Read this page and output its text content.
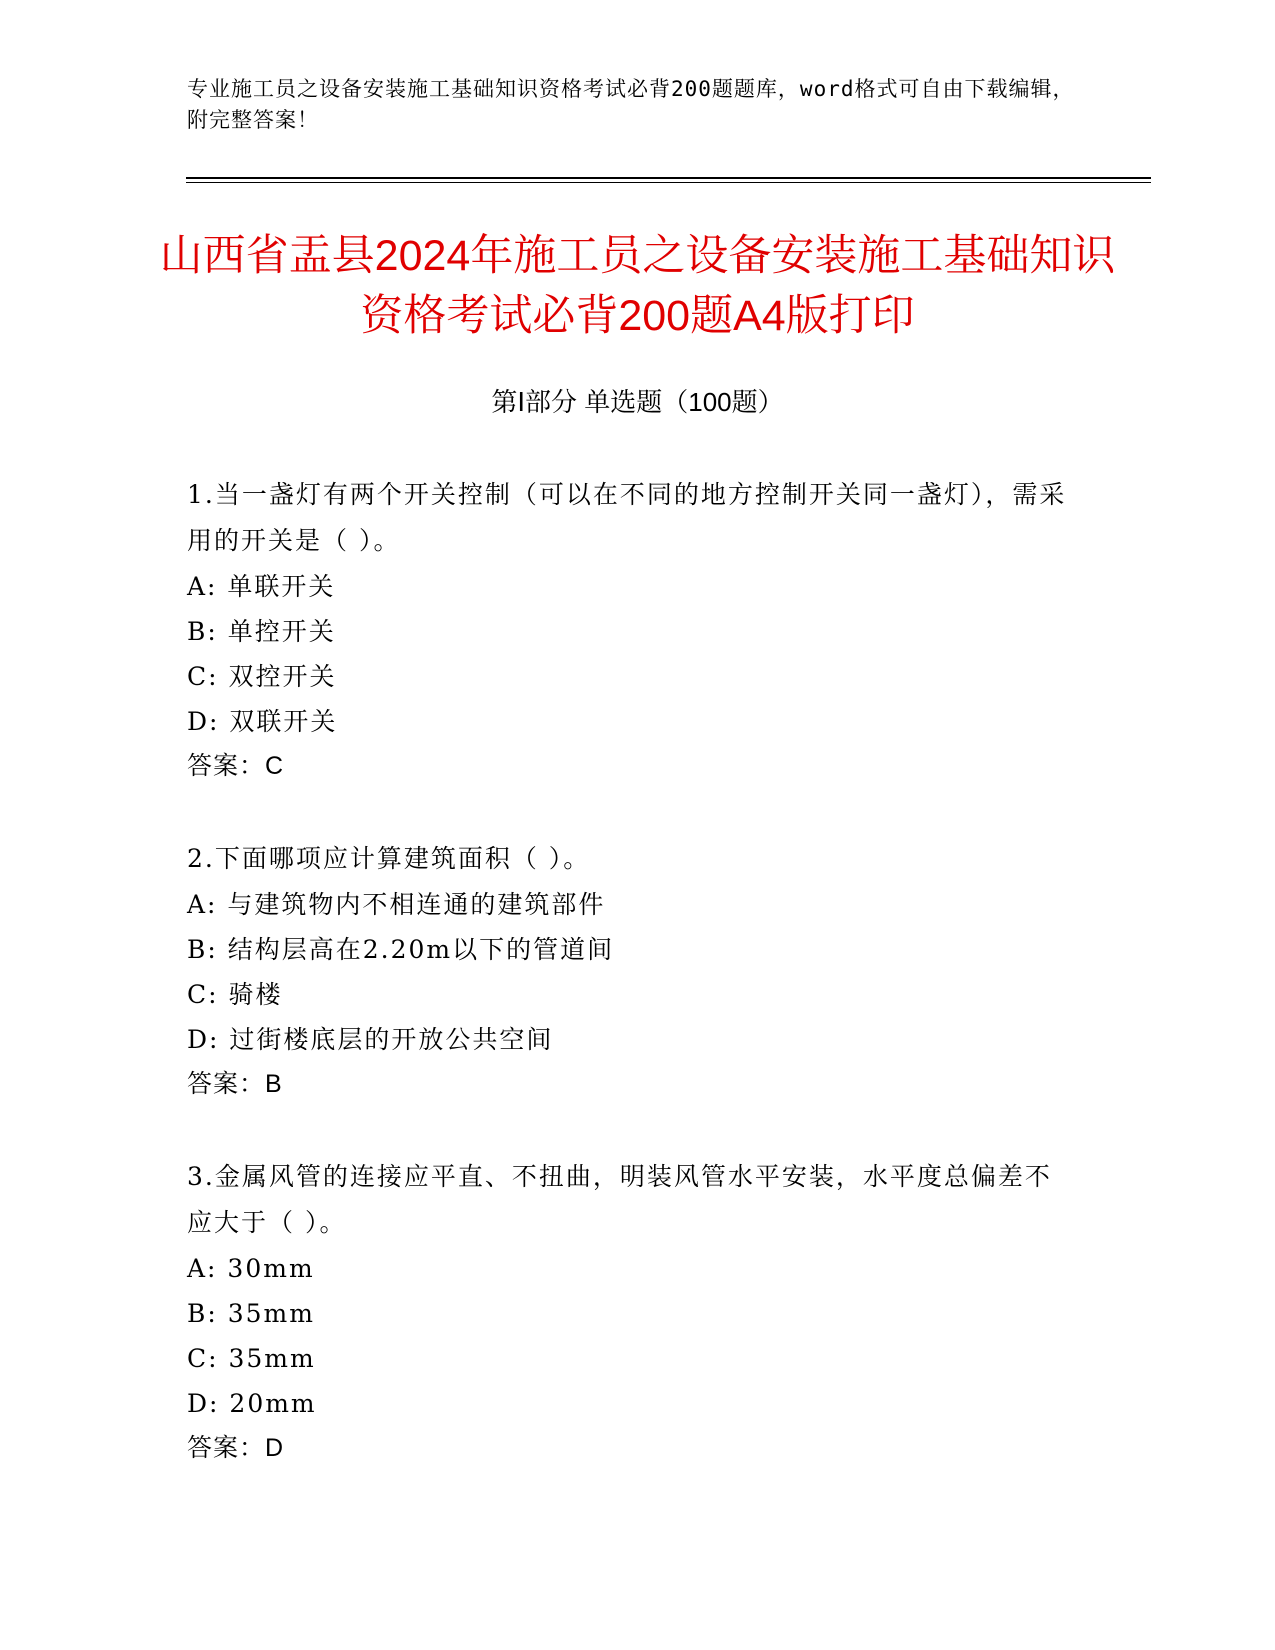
专业施工员之设备安装施工基础知识资格考试必背200题题库，word格式可自由下载编辑，附完整答案！
山西省盂县2024年施工员之设备安装施工基础知识资格考试必背200题A4版打印
第Ⅰ部分 单选题（100题）
1.当一盏灯有两个开关控制（可以在不同的地方控制开关同一盏灯），需采用的开关是（ ）。
A: 单联开关
B: 单控开关
C: 双控开关
D: 双联开关
答案：C
2.下面哪项应计算建筑面积（ ）。
A: 与建筑物内不相连通的建筑部件
B: 结构层高在2.20m以下的管道间
C: 骑楼
D: 过街楼底层的开放公共空间
答案：B
3.金属风管的连接应平直、不扭曲，明装风管水平安装，水平度总偏差不应大于（ ）。
A: 30mm
B: 35mm
C: 35mm
D: 20mm
答案：D
